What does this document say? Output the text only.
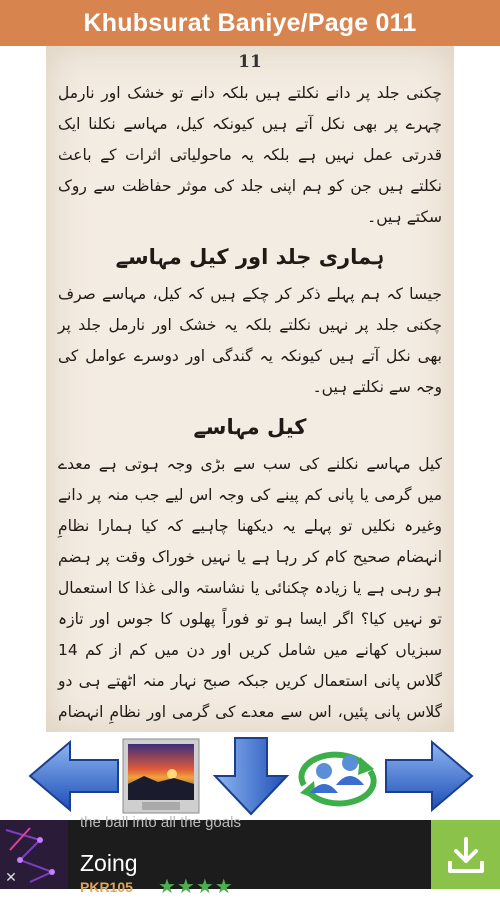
Khubsurat Baniye/Page 011
11

چکنی جلد پر دانے نکلتے ہیں بلکہ دانے تو خشک اور نارمل چہرے پر بھی نکل آتے ہیں کیونکہ کیل، مہاسے نکلنا ایک قدرتی عمل نہیں ہے بلکہ یہ ماحولیاتی اثرات کے باعث نکلتے ہیں جن کو ہم اپنی جلد کی موثر حفاظت سے روک سکتے ہیں۔

ہماری جلد اور کیل مہاسے

جیسا کہ ہم پہلے ذکر کر چکے ہیں کہ کیل، مہاسے صرف چکنی جلد پر نہیں نکلتے بلکہ یہ خشک اور نارمل جلد پر بھی نکل آتے ہیں کیونکہ یہ گندگی اور دوسرے عوامل کی وجہ سے نکلتے ہیں۔

کیل مہاسے

کیل مہاسے نکلنے کی سب سے بڑی وجہ ہوتی ہے معدے میں گرمی یا پانی کم پینے کی وجہ اس لیے جب منہ پر دانے وغیرہ نکلیں تو پہلے یہ دیکھنا چاہیے کہ کیا ہمارا نظامِ انہضام صحیح کام کر رہا ہے یا نہیں خوراک وقت پر ہضم ہو رہی ہے یا زیادہ چکنائی یا نشاستہ والی غذا کا استعمال تو نہیں کیا؟ اگر ایسا ہو تو فوراً پھلوں کا جوس اور تازہ سبزیاں کھانے میں شامل کریں اور دن میں کم از کم 14 گلاس پانی استعمال کریں جبکہ صبح نہار منہ اٹھتے ہی دو گلاس پانی پئیں، اس سے معدے کی گرمی اور نظامِ انہضام

✕
the ball into all the goals
Zoing
PKR105 ★★★★
